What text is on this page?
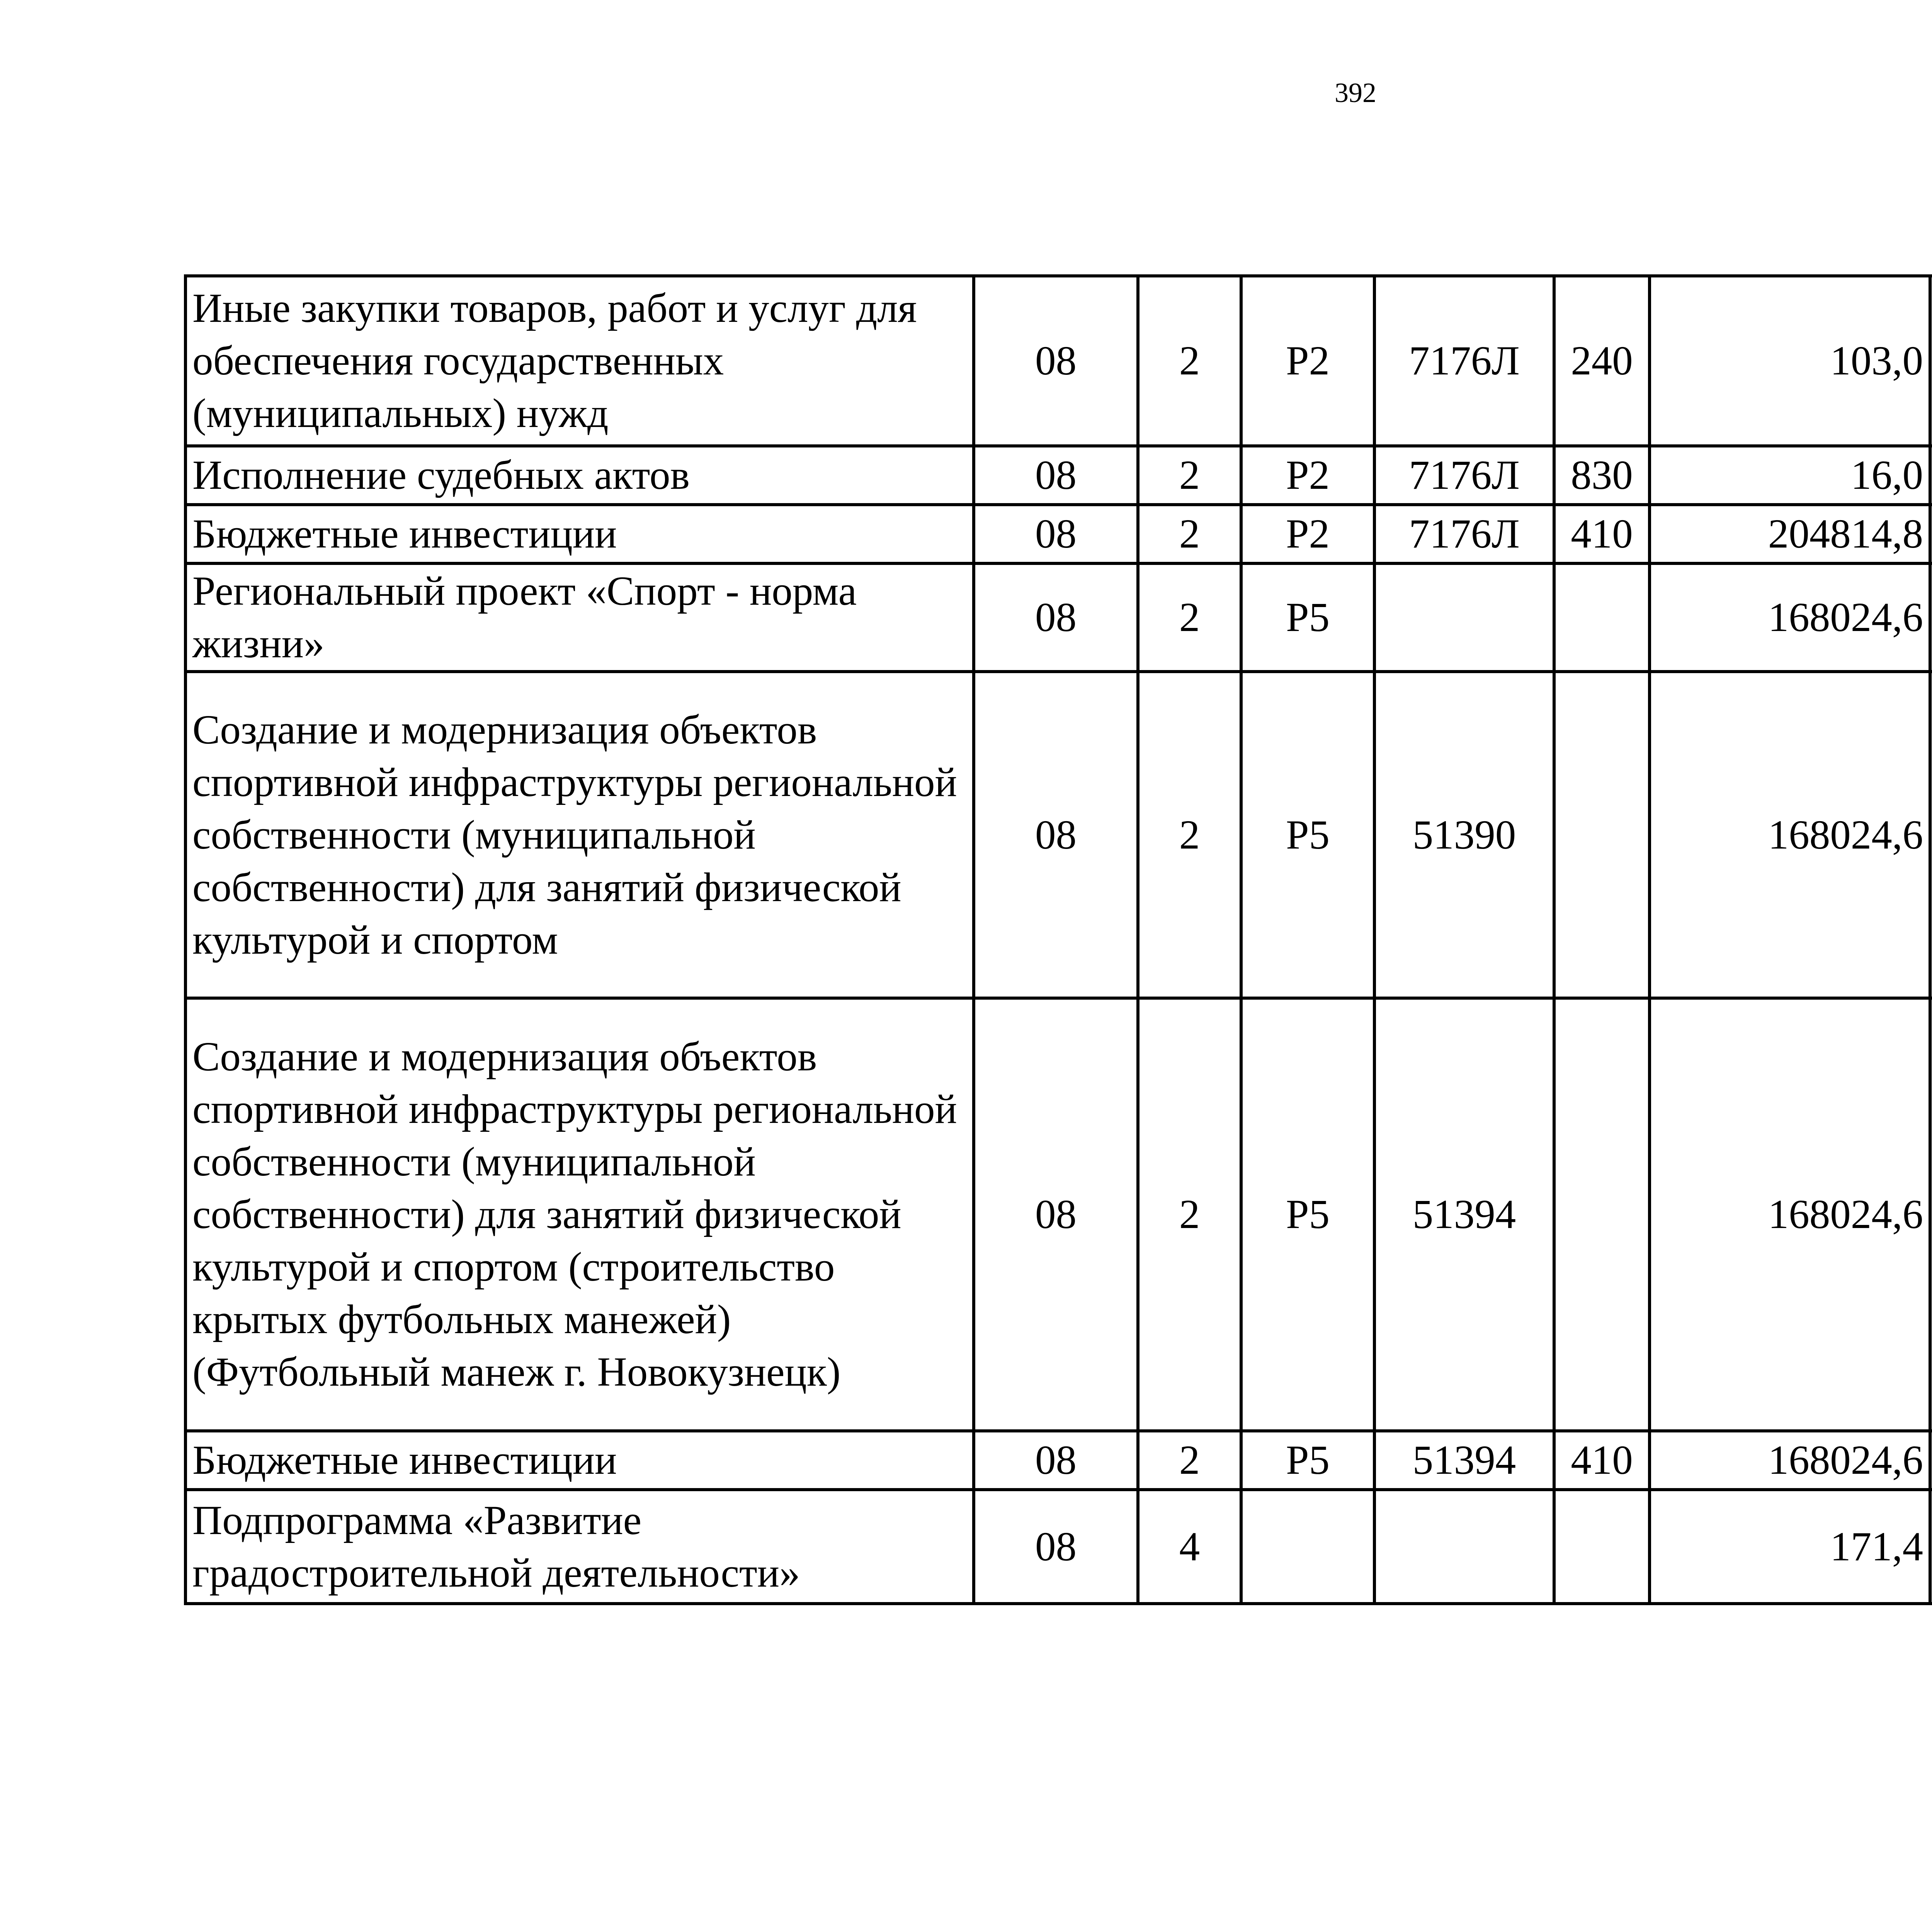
392
Иные закупки товаров, работ и услуг для обеспечения государственных (муниципальных) нужд	08	2	P2	7176Л	240	103,0		
Исполнение судебных актов	08	2	P2	7176Л	830	16,0		
Бюджетные инвестиции	08	2	P2	7176Л	410	204814,8		
Региональный проект «Спорт - норма жизни»	08	2	P5			168024,6		
Создание и модернизация объектов спортивной инфраструктуры региональной собственности (муниципальной собственности) для занятий физической культурой и спортом	08	2	P5	51390		168024,6		
Создание и модернизация объектов спортивной инфраструктуры региональной собственности (муниципальной собственности) для занятий физической культурой и спортом (строительство крытых футбольных манежей) (Футбольный манеж г. Новокузнецк)	08	2	P5	51394		168024,6		
Бюджетные инвестиции	08	2	P5	51394	410	168024,6		
Подпрограмма «Развитие градостроительной деятельности»	08	4				171,4		
